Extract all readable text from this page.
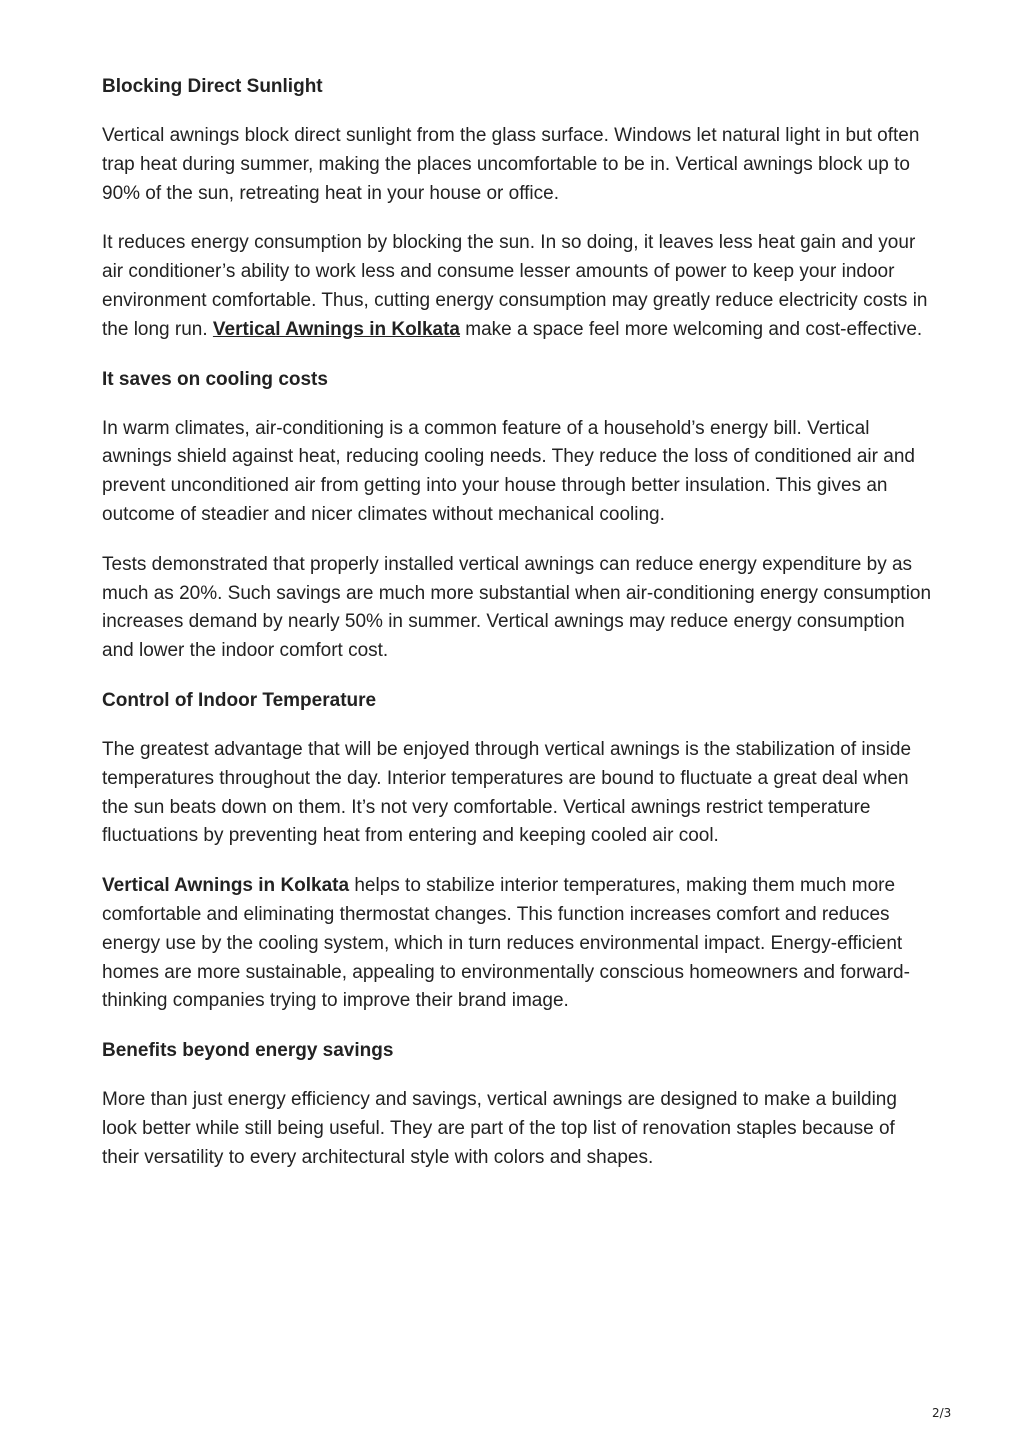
Blocking Direct Sunlight

Vertical awnings block direct sunlight from the glass surface. Windows let natural light in but often trap heat during summer, making the places uncomfortable to be in. Vertical awnings block up to 90% of the sun, retreating heat in your house or office.

It reduces energy consumption by blocking the sun. In so doing, it leaves less heat gain and your air conditioner’s ability to work less and consume lesser amounts of power to keep your indoor environment comfortable. Thus, cutting energy consumption may greatly reduce electricity costs in the long run. Vertical Awnings in Kolkata make a space feel more welcoming and cost-effective.

It saves on cooling costs

In warm climates, air-conditioning is a common feature of a household’s energy bill. Vertical awnings shield against heat, reducing cooling needs. They reduce the loss of conditioned air and prevent unconditioned air from getting into your house through better insulation. This gives an outcome of steadier and nicer climates without mechanical cooling.

Tests demonstrated that properly installed vertical awnings can reduce energy expenditure by as much as 20%. Such savings are much more substantial when air-conditioning energy consumption increases demand by nearly 50% in summer. Vertical awnings may reduce energy consumption and lower the indoor comfort cost.

Control of Indoor Temperature

The greatest advantage that will be enjoyed through vertical awnings is the stabilization of inside temperatures throughout the day. Interior temperatures are bound to fluctuate a great deal when the sun beats down on them. It’s not very comfortable. Vertical awnings restrict temperature fluctuations by preventing heat from entering and keeping cooled air cool.

Vertical Awnings in Kolkata helps to stabilize interior temperatures, making them much more comfortable and eliminating thermostat changes. This function increases comfort and reduces energy use by the cooling system, which in turn reduces environmental impact. Energy-efficient homes are more sustainable, appealing to environmentally conscious homeowners and forward-thinking companies trying to improve their brand image.

Benefits beyond energy savings

More than just energy efficiency and savings, vertical awnings are designed to make a building look better while still being useful. They are part of the top list of renovation staples because of their versatility to every architectural style with colors and shapes.

2/3
